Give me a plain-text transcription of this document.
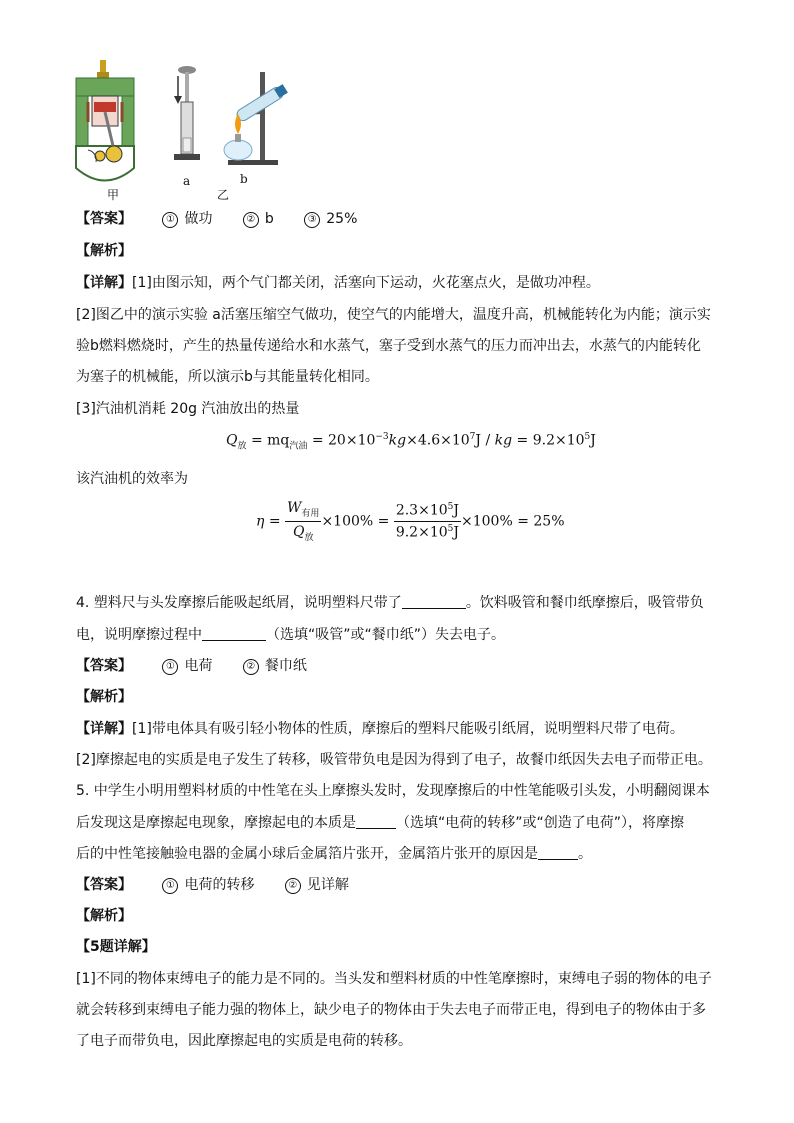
甲
a
乙
b
【答案】	① 做功	② b	③ 25%
【解析】
【详解】[1]由图示知，两个气门都关闭，活塞向下运动，火花塞点火，是做功冲程。
[2]图乙中的演示实验 a活塞压缩空气做功，使空气的内能增大，温度升高，机械能转化为内能；演示实
验b燃料燃烧时，产生的热量传递给水和水蒸气，塞子受到水蒸气的压力而冲出去，水蒸气的内能转化
为塞子的机械能，所以演示b与其能量转化相同。
[3]汽油机消耗 20g 汽油放出的热量
$Q_放 = mq_{汽油} = 20\times 10^{-3}kg\times 4.6\times 10^7J$ / kg = $9.2\times 10^5J$
该汽油机的效率为
$\eta = \frac{W_{有用}}{Q_放} \times 100\% = \frac{2.3\times 10^5J}{9.2\times 10^5J} \times 100\% = 25\%$
4. 塑料尺与头发摩擦后能吸起纸屑，说明塑料尺带了	。饮料吸管和餐巾纸摩擦后，吸管带负
电，说明摩擦过程中	（选填“吸管”或“餐巾纸”）失去电子。
【答案】	① 电荷	② 餐巾纸
【解析】
【详解】[1]带电体具有吸引轻小物体的性质，摩擦后的塑料尺能吸引纸屑，说明塑料尺带了电荷。
[2]摩擦起电的实质是电子发生了转移，吸管带负电是因为得到了电子，故餐巾纸因失去电子而带正电。
5. 中学生小明用塑料材质的中性笔在头上摩擦头发时，发现摩擦后的中性笔能吸引头发，小明翻阅课本
后发现这是摩擦起电现象，摩擦起电的本质是	（选填“电荷的转移”或“创造了电荷”），将摩擦
后的中性笔接触验电器的金属小球后金属箔片张开，金属箔片张开的原因是	。
【答案】	① 电荷的转移	② 见详解
【解析】
【5题详解】
[1]不同的物体束缚电子的能力是不同的。当头发和塑料材质的中性笔摩擦时，束缚电子弱的物体的电子
就会转移到束缚电子能力强的物体上，缺少电子的物体由于失去电子而带正电，得到电子的物体由于多
了电子而带负电，因此摩擦起电的实质是电荷的转移。
